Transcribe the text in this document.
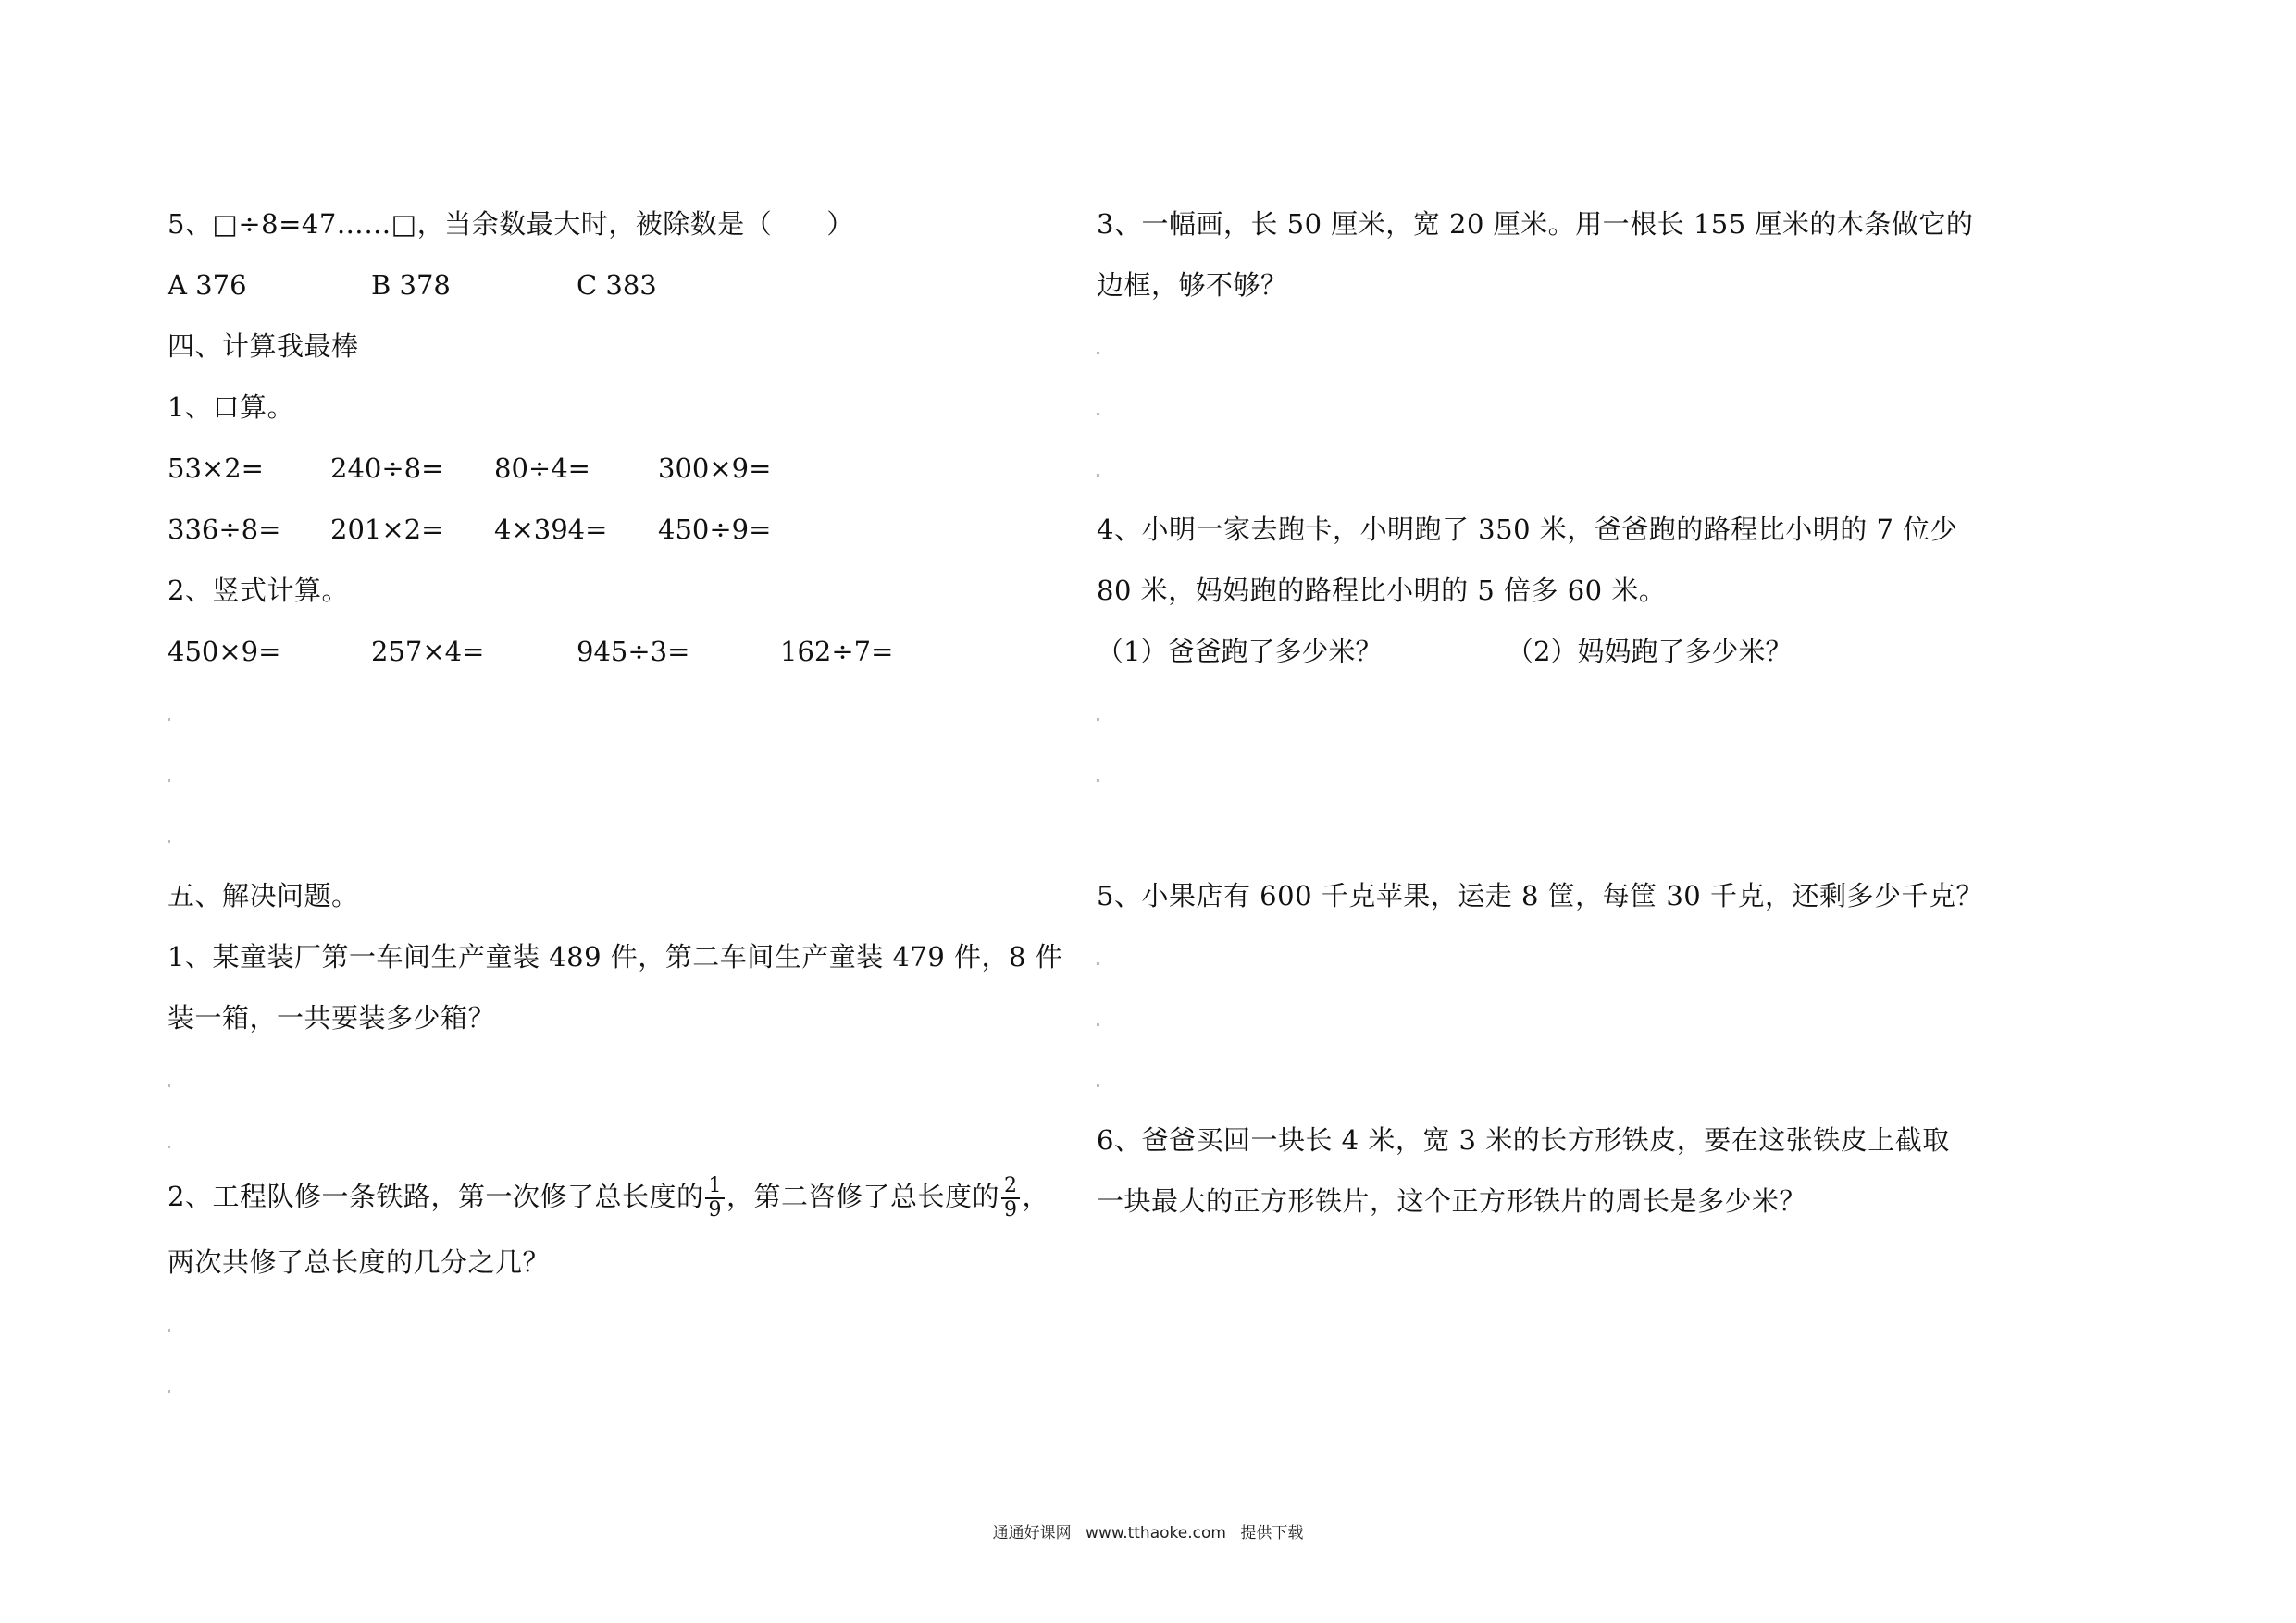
5、□÷8=47……□，当余数最大时，被除数是（　　）
A 376	B 378	C 383
四、计算我最棒
1、口算。
53×2= 240÷8= 80÷4=	300×9=
336÷8= 201×2= 4×394= 450÷9=
2、竖式计算。
450×9=	257×4=	945÷3=	162÷7=
五、解决问题。
1、某童装厂第一车间生产童装 489 件，第二车间生产童装 479 件，8 件
装一箱，一共要装多少箱？
2、工程队修一条铁路，第一次修了总长度的 $\frac{1}{9}$ ，第二咨修了总长度的 $\frac{2}{9}$ ，
两次共修了总长度的几分之几？
3、一幅画，长 50 厘米，宽 20 厘米。用一根长 155 厘米的木条做它的
边框，够不够？
4、小明一家去跑卡，小明跑了 350 米，爸爸跑的路程比小明的 7 位少
80 米，妈妈跑的路程比小明的 5 倍多 60 米。
（1）爸爸跑了多少米？	（2）妈妈跑了多少米？
5、小果店有 600 千克苹果，运走 8 筐，每筐 30 千克，还剩多少千克？
6、爸爸买回一块长 4 米，宽 3 米的长方形铁皮，要在这张铁皮上截取
一块最大的正方形铁片，这个正方形铁片的周长是多少米？
通通好课网 www.tthaoke.com 提供下载
